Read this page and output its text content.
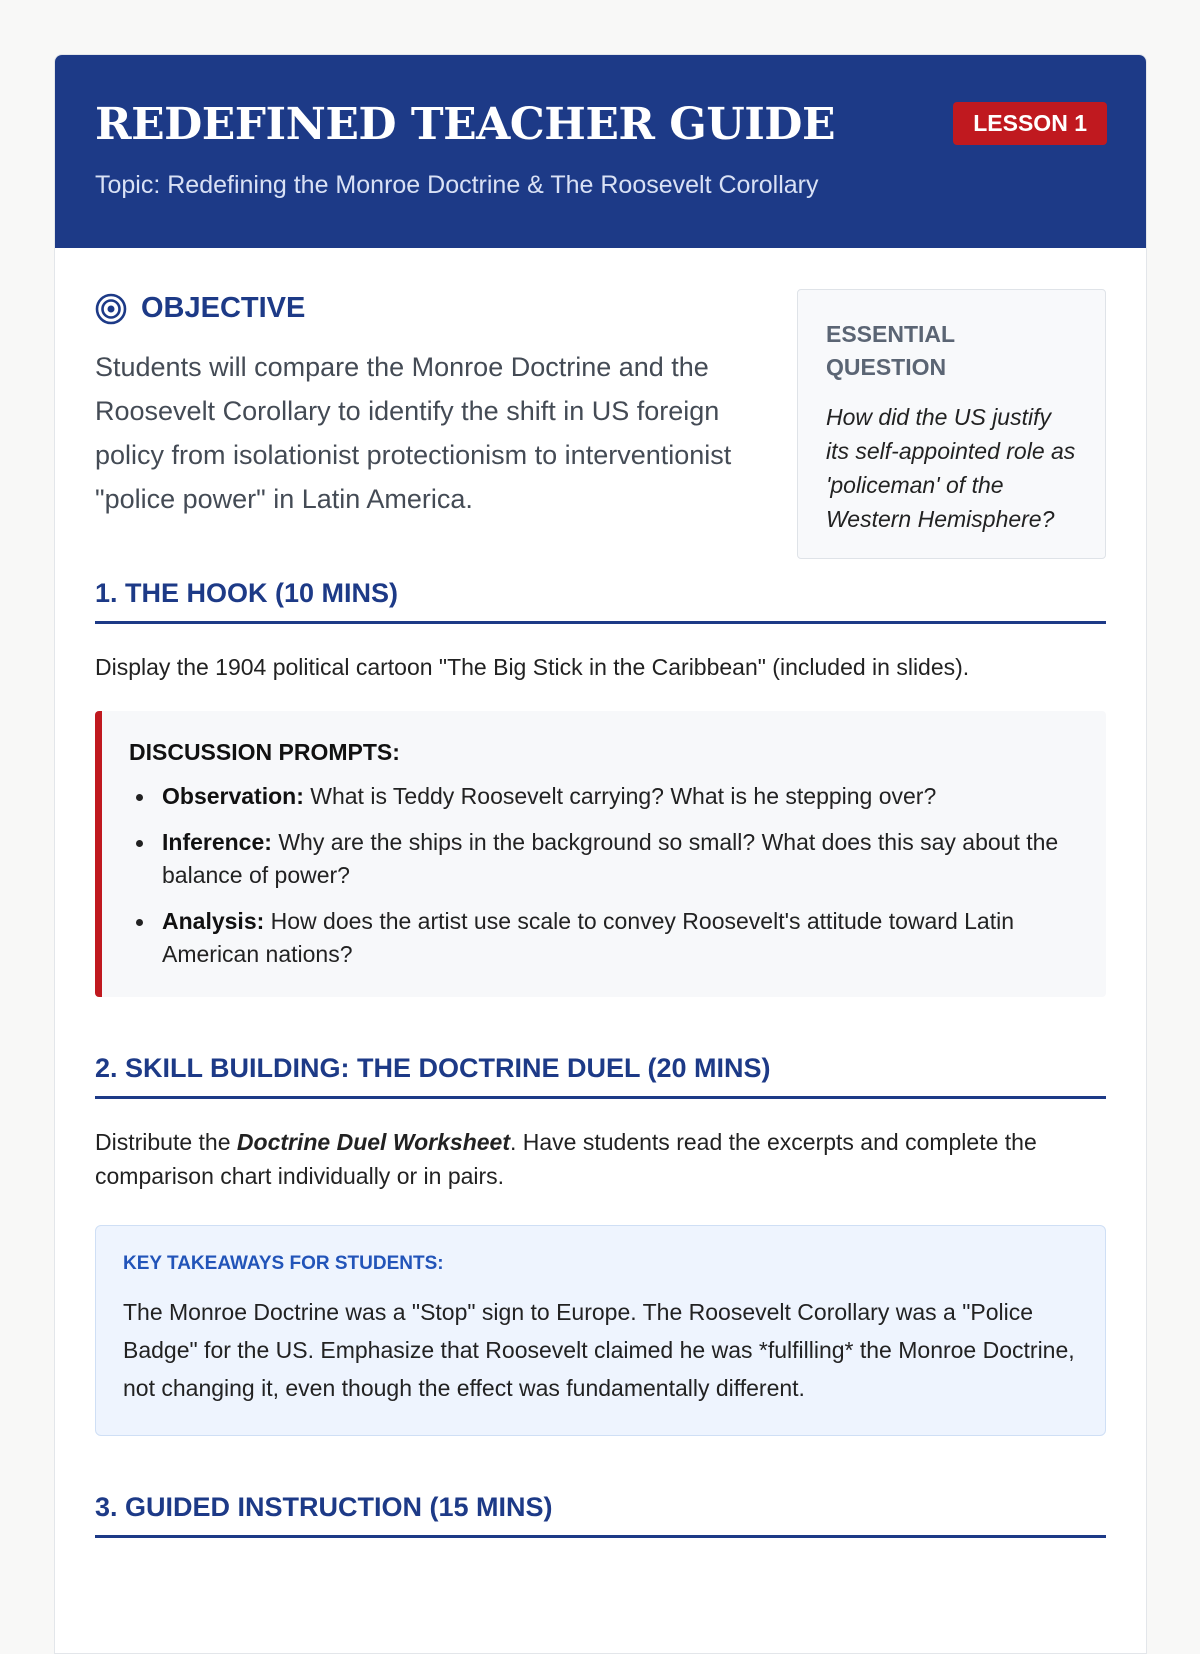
REDEFINED TEACHER GUIDE
Topic: Redefining the Monroe Doctrine & The Roosevelt Corollary
LESSON 1
OBJECTIVE

Students will compare the Monroe Doctrine and the Roosevelt Corollary to identify the shift in US foreign policy from isolationist protectionism to interventionist "police power" in Latin America.

ESSENTIAL QUESTION
How did the US justify its self-appointed role as 'policeman' of the Western Hemisphere?
1. THE HOOK (10 MINS)

Display the 1904 political cartoon "The Big Stick in the Caribbean" (included in slides).

DISCUSSION PROMPTS:
Observation: What is Teddy Roosevelt carrying? What is he stepping over?
Inference: Why are the ships in the background so small? What does this say about the balance of power?
Analysis: How does the artist use scale to convey Roosevelt's attitude toward Latin American nations?
2. SKILL BUILDING: THE DOCTRINE DUEL (20 MINS)

Distribute the Doctrine Duel Worksheet. Have students read the excerpts and complete the comparison chart individually or in pairs.

KEY TAKEAWAYS FOR STUDENTS:

The Monroe Doctrine was a "Stop" sign to Europe. The Roosevelt Corollary was a "Police Badge" for the US. Emphasize that Roosevelt claimed he was *fulfilling* the Monroe Doctrine, not changing it, even though the effect was fundamentally different.

3. GUIDED INSTRUCTION (15 MINS)
